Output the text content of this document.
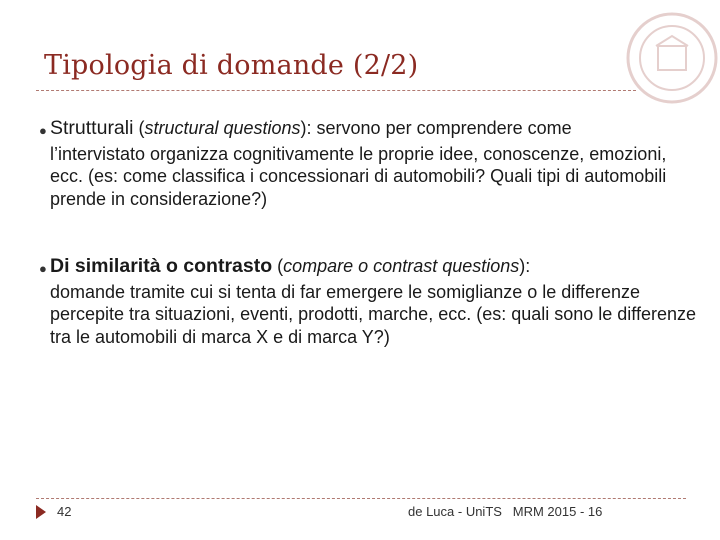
Tipologia di domande (2/2)
● Strutturali (structural questions): servono per comprendere come
l’intervistato organizza cognitivamente le proprie idee, conoscenze, emozioni, ecc. (es: come classifica i concessionari di automobili? Quali tipi di automobili prende in considerazione?)
● Di similarità o contrasto (compare o contrast questions):
domande tramite cui si tenta di far emergere le somiglianze o le differenze percepite tra situazioni, eventi, prodotti, marche, ecc. (es: quali sono le differenze tra le automobili di marca X e di marca Y?)
42	de Luca - UniTS   MRM 2015 - 16
